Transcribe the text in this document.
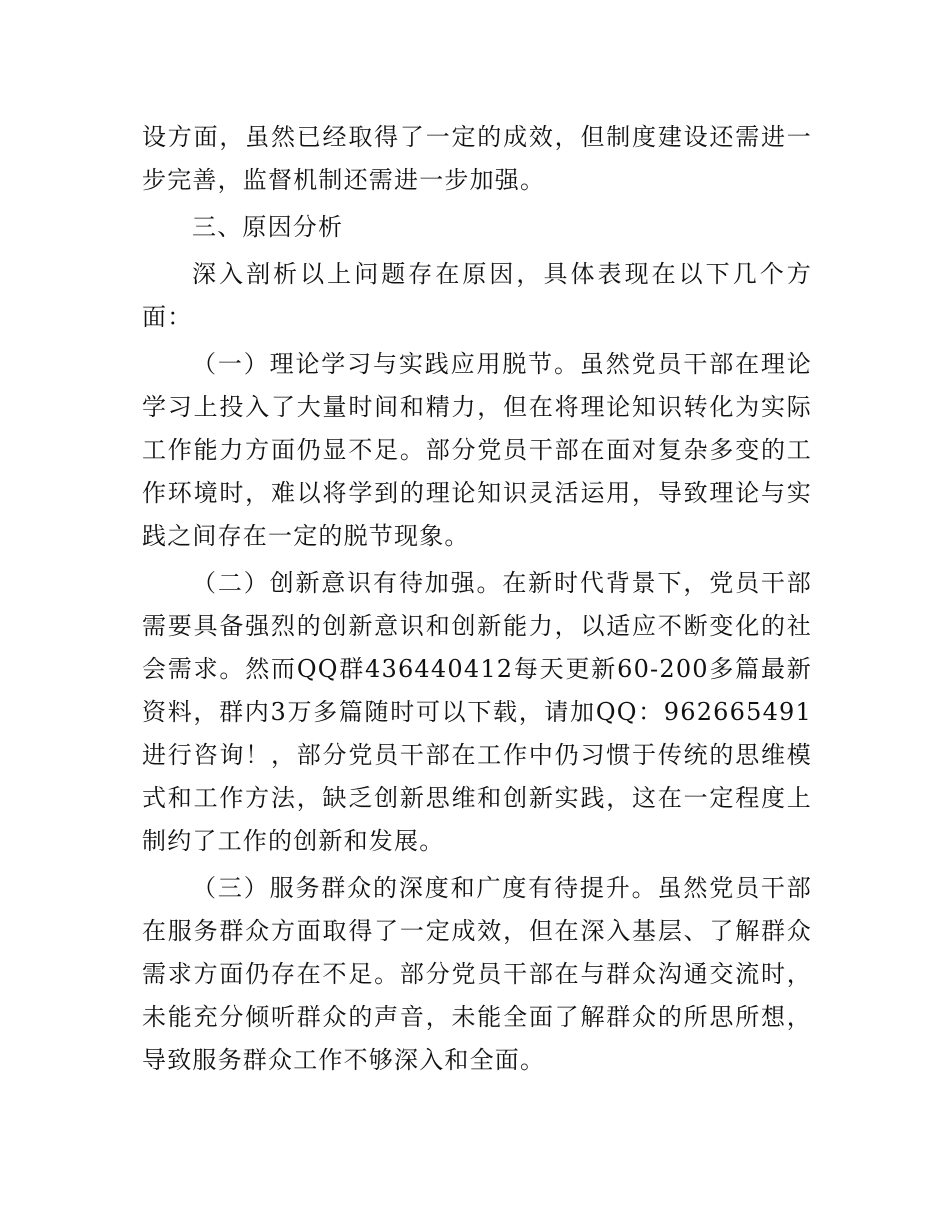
设方面，虽然已经取得了一定的成效，但制度建设还需进一步完善，监督机制还需进一步加强。

三、原因分析

深入剖析以上问题存在原因，具体表现在以下几个方面：

（一）理论学习与实践应用脱节。虽然党员干部在理论学习上投入了大量时间和精力，但在将理论知识转化为实际工作能力方面仍显不足。部分党员干部在面对复杂多变的工作环境时，难以将学到的理论知识灵活运用，导致理论与实践之间存在一定的脱节现象。

（二）创新意识有待加强。在新时代背景下，党员干部需要具备强烈的创新意识和创新能力，以适应不断变化的社会需求。然而QQ群436440412每天更新60-200多篇最新资料，群内3万多篇随时可以下载，请加QQ：962665491进行咨询！，部分党员干部在工作中仍习惯于传统的思维模式和工作方法，缺乏创新思维和创新实践，这在一定程度上制约了工作的创新和发展。

（三）服务群众的深度和广度有待提升。虽然党员干部在服务群众方面取得了一定成效，但在深入基层、了解群众需求方面仍存在不足。部分党员干部在与群众沟通交流时，未能充分倾听群众的声音，未能全面了解群众的所思所想，导致服务群众工作不够深入和全面。
